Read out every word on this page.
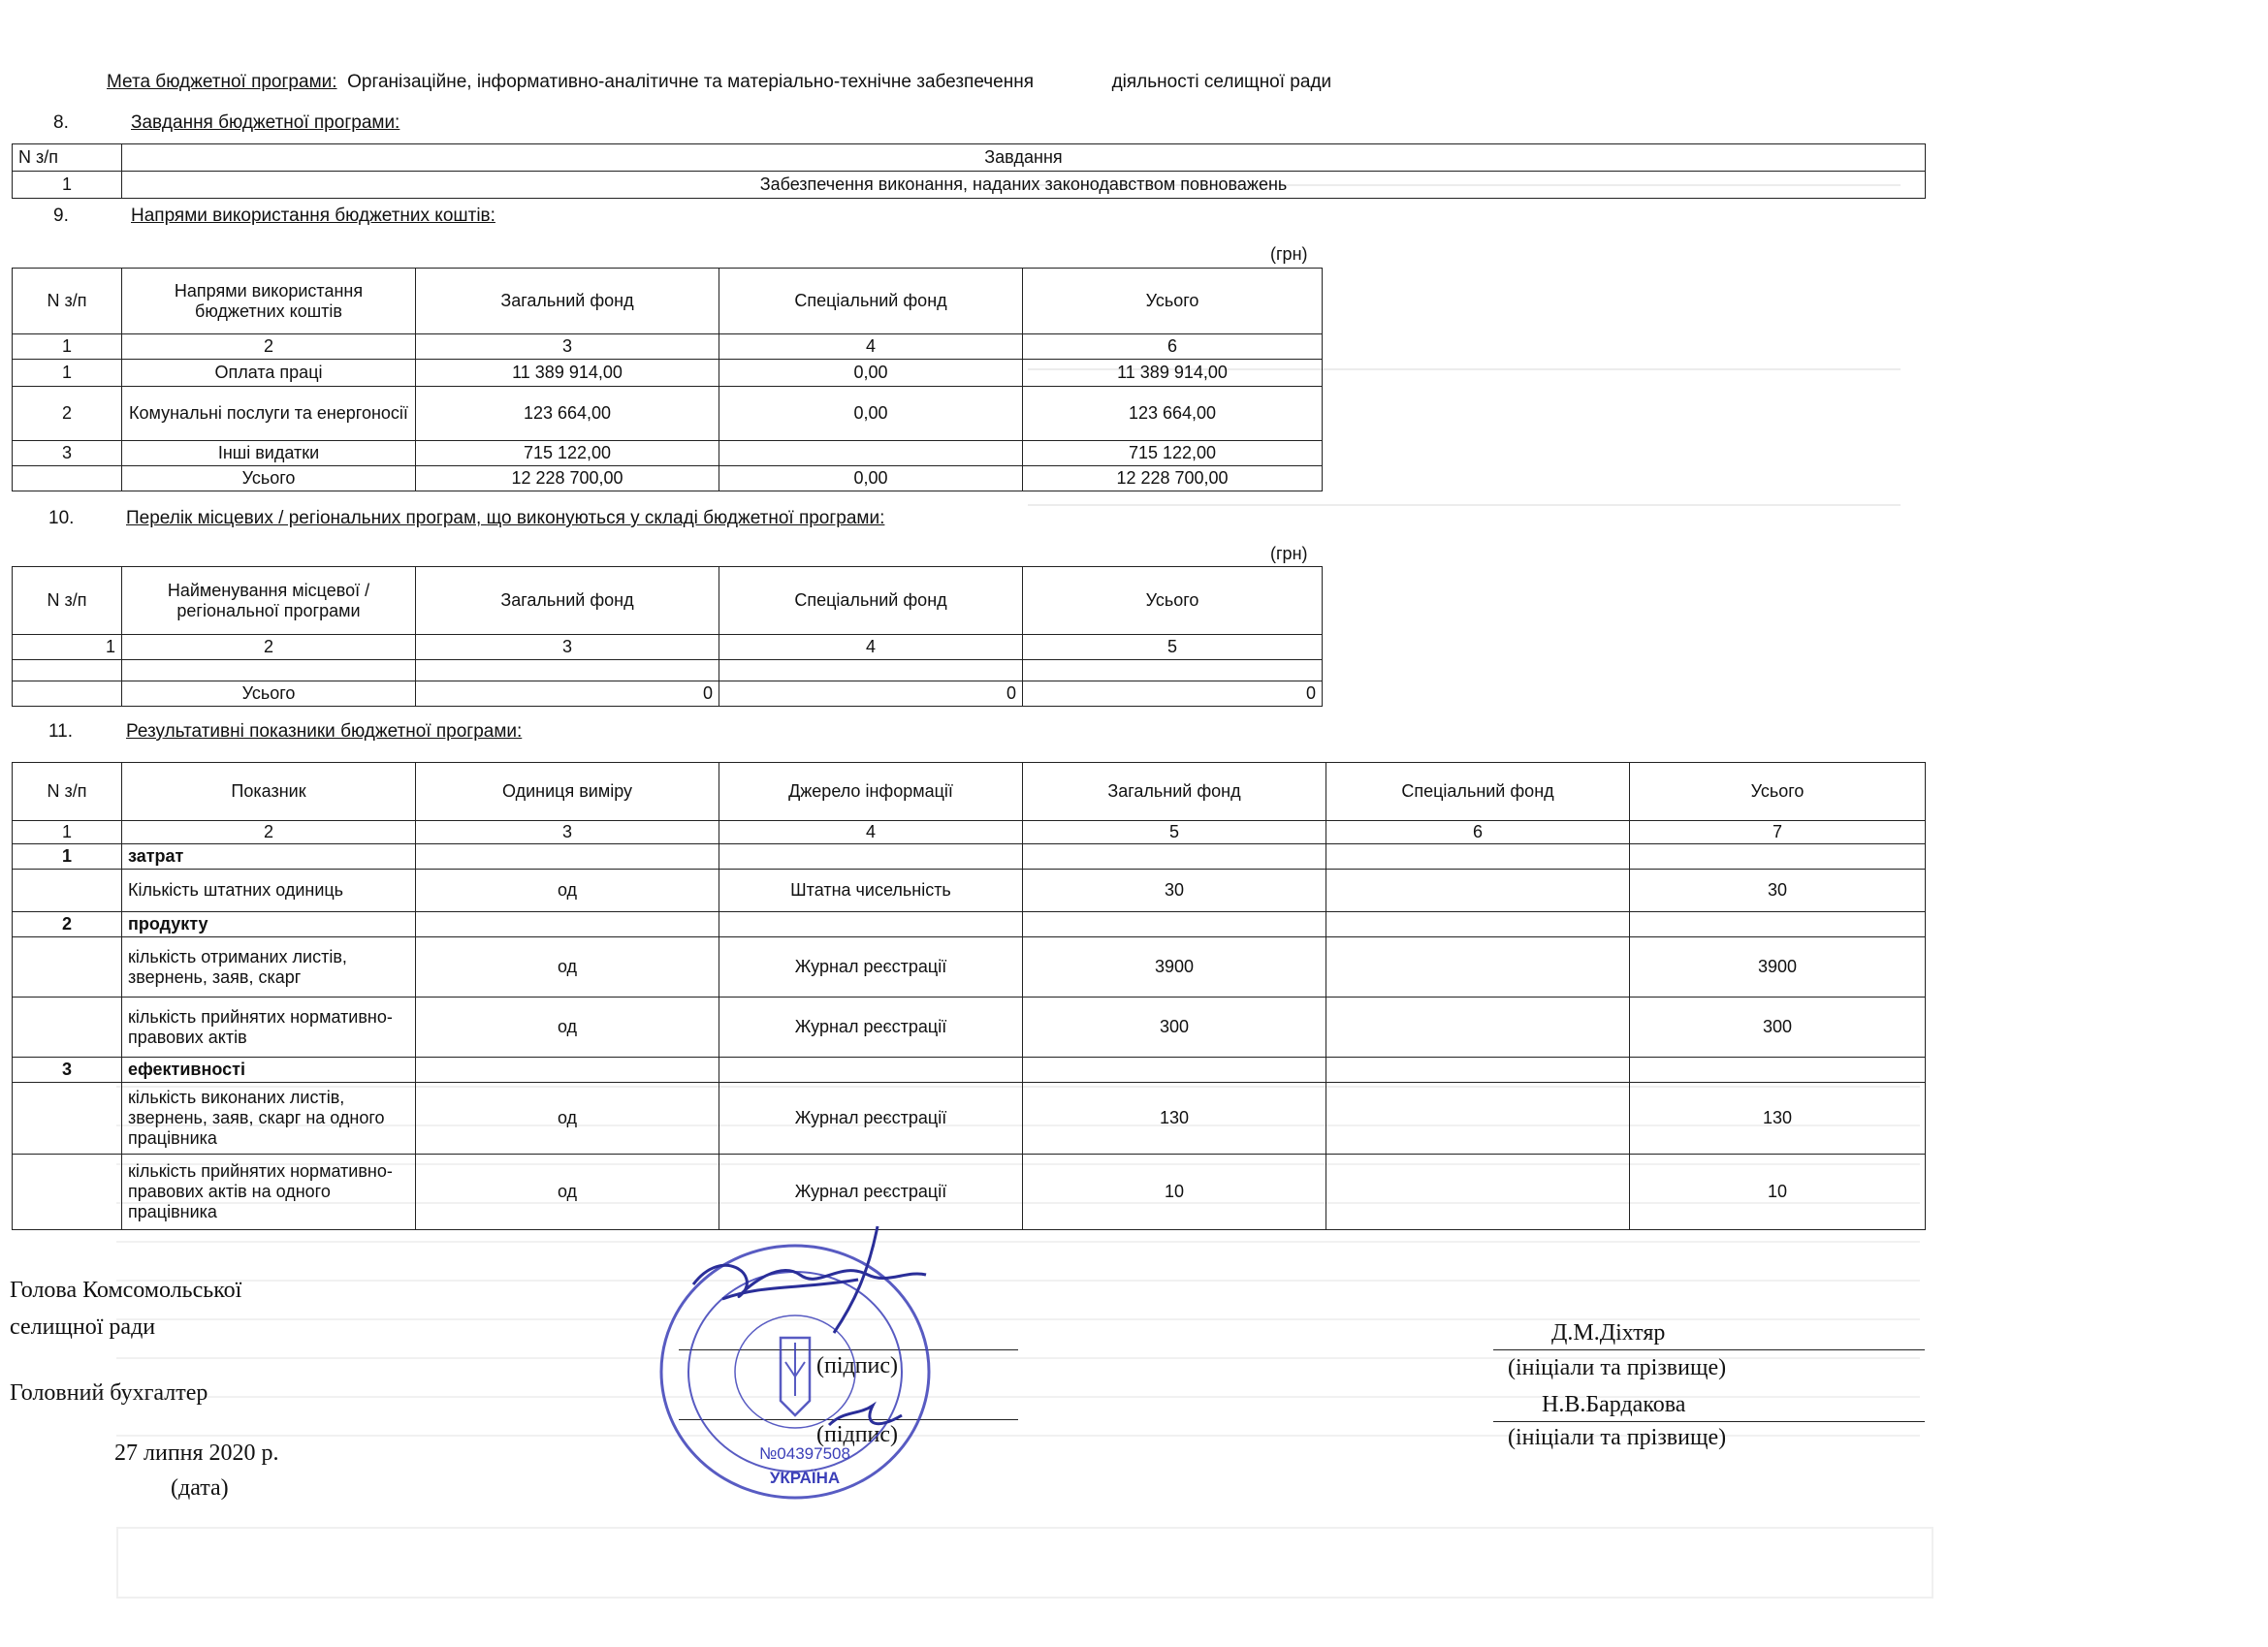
Мета бюджетної програми: Організаційне, інформативно-аналітичне та матеріально-технічне забезпечення	діяльності селищної ради
8.	Завдання бюджетної програми:
N з/п	Завдання
1	Забезпечення виконання, наданих законодавством повноважень
9.	Напрями використання бюджетних коштів:
(грн)
N з/п	Напрями використання бюджетних коштів	Загальний фонд	Спеціальний фонд	Усього
1	2	3	4	6
1	Оплата праці	11 389 914,00	0,00	11 389 914,00
2	Комунальні послуги та енергоносії	123 664,00	0,00	123 664,00
3	Інші видатки	715 122,00		715 122,00
	Усього	12 228 700,00	0,00	12 228 700,00
10.	Перелік місцевих / регіональних програм, що виконуються у складі бюджетної програми:
(грн)
N з/п	Найменування місцевої / регіональної програми	Загальний фонд	Спеціальний фонд	Усього
1	2	3	4	5

	Усього	0	0	0
11.	Результативні показники бюджетної програми:
N з/п	Показник	Одиниця виміру	Джерело інформації	Загальний фонд	Спеціальний фонд	Усього
1	2	3	4	5	6	7
1	затрат					
	Кількість штатних одиниць	од	Штатна чисельність	30		30
2	продукту					
	кількість отриманих листів, звернень, заяв, скарг	од	Журнал реєстрації	3900		3900
	кількість прийнятих нормативно-правових актів	од	Журнал реєстрації	300		300
3	ефективності					
	кількість виконаних листів, звернень, заяв, скарг на одного працівника	од	Журнал реєстрації	130		130
	кількість прийнятих нормативно-правових актів на одного працівника	од	Журнал реєстрації	10		10
Голова Комсомольської
селищної ради
(підпис)
Д.М.Діхтяр
(ініціали та прізвище)
Головний бухгалтер
(підпис)
Н.В.Бардакова
(ініціали та прізвище)
27 липня 2020 р.
(дата)
№04397508
УКРАЇНА
